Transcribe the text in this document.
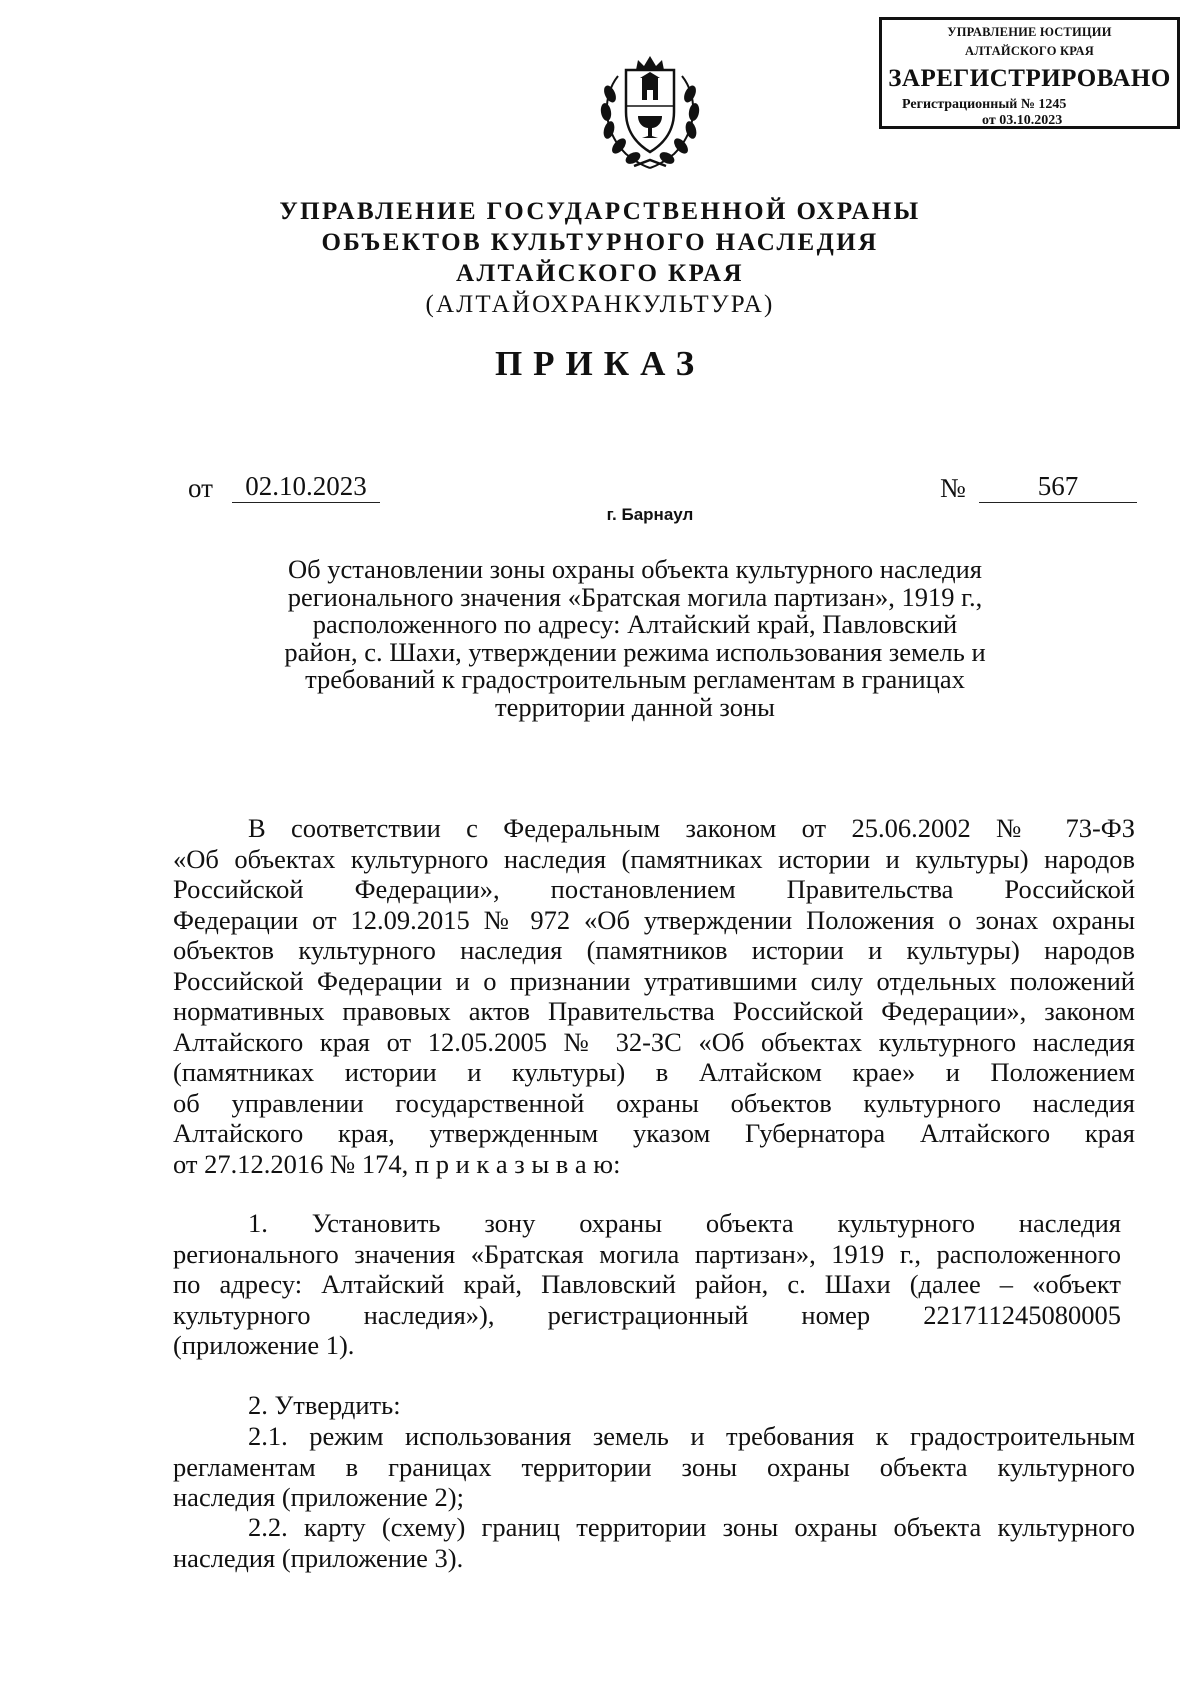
УПРАВЛЕНИЕ ЮСТИЦИИ
АЛТАЙСКОГО КРАЯ
ЗАРЕГИСТРИРОВАНО
Регистрационный № 1245
от 03.10.2023
УПРАВЛЕНИЕ ГОСУДАРСТВЕННОЙ ОХРАНЫ
ОБЪЕКТОВ КУЛЬТУРНОГО НАСЛЕДИЯ
АЛТАЙСКОГО КРАЯ
(АЛТАЙОХРАНКУЛЬТУРА)
ПРИКАЗ
от	02.10.2023	№	567
г. Барнаул
Об установлении зоны охраны объекта культурного наследия
регионального значения «Братская могила партизан», 1919 г.,
расположенного по адресу: Алтайский край, Павловский
район, с. Шахи, утверждении режима использования земель и
требований к градостроительным регламентам в границах
территории данной зоны
В соответствии с Федеральным законом от 25.06.2002 № 73-ФЗ
«Об объектах культурного наследия (памятниках истории и культуры) народов
Российской Федерации», постановлением Правительства Российской
Федерации от 12.09.2015 № 972 «Об утверждении Положения о зонах охраны
объектов культурного наследия (памятников истории и культуры) народов
Российской Федерации и о признании утратившими силу отдельных положений
нормативных правовых актов Правительства Российской Федерации», законом
Алтайского края от 12.05.2005 № 32-ЗС «Об объектах культурного наследия
(памятниках истории и культуры) в Алтайском крае» и Положением
об управлении государственной охраны объектов культурного наследия
Алтайского края, утвержденным указом Губернатора Алтайского края
от 27.12.2016 № 174, п р и к а з ы в а ю:
1. Установить зону охраны объекта культурного наследия
регионального значения «Братская могила партизан», 1919 г., расположенного
по адресу: Алтайский край, Павловский район, с. Шахи (далее – «объект
культурного наследия»), регистрационный номер 221711245080005
(приложение 1).
2. Утвердить:
2.1. режим использования земель и требования к градостроительным
регламентам в границах территории зоны охраны объекта культурного
наследия (приложение 2);
2.2. карту (схему) границ территории зоны охраны объекта культурного
наследия (приложение 3).
